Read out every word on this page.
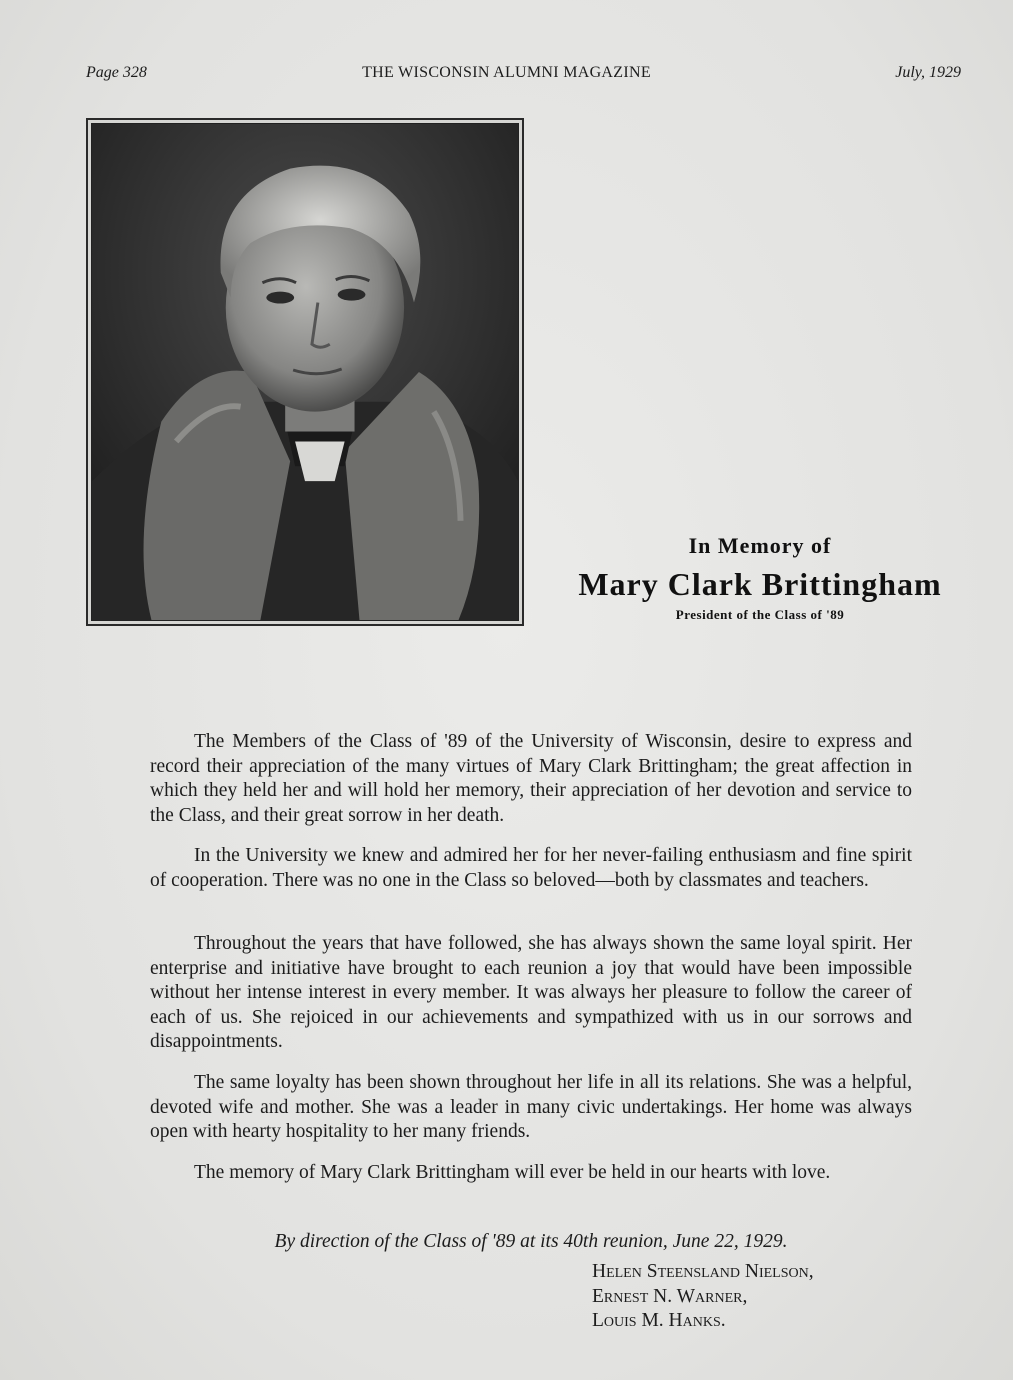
Page 328	THE WISCONSIN ALUMNI MAGAZINE	July, 1929
In Memory of
Mary Clark Brittingham
President of the Class of '89

The Members of the Class of '89 of the University of Wisconsin, desire to express and record their appreciation of the many virtues of Mary Clark Brittingham; the great affection in which they held her and will hold her memory, their appreciation of her devotion and service to the Class, and their great sorrow in her death.

In the University we knew and admired her for her never-failing enthusiasm and fine spirit of cooperation. There was no one in the Class so beloved—both by classmates and teachers.

Throughout the years that have followed, she has always shown the same loyal spirit. Her enterprise and initiative have brought to each reunion a joy that would have been impossible without her intense interest in every member. It was always her pleasure to follow the career of each of us. She rejoiced in our achievements and sympathized with us in our sorrows and disappointments.

The same loyalty has been shown throughout her life in all its relations. She was a helpful, devoted wife and mother. She was a leader in many civic undertakings. Her home was always open with hearty hospitality to her many friends.

The memory of Mary Clark Brittingham will ever be held in our hearts with love.

By direction of the Class of '89 at its 40th reunion, June 22, 1929.
Helen Steensland Nielson,
Ernest N. Warner,
Louis M. Hanks.
